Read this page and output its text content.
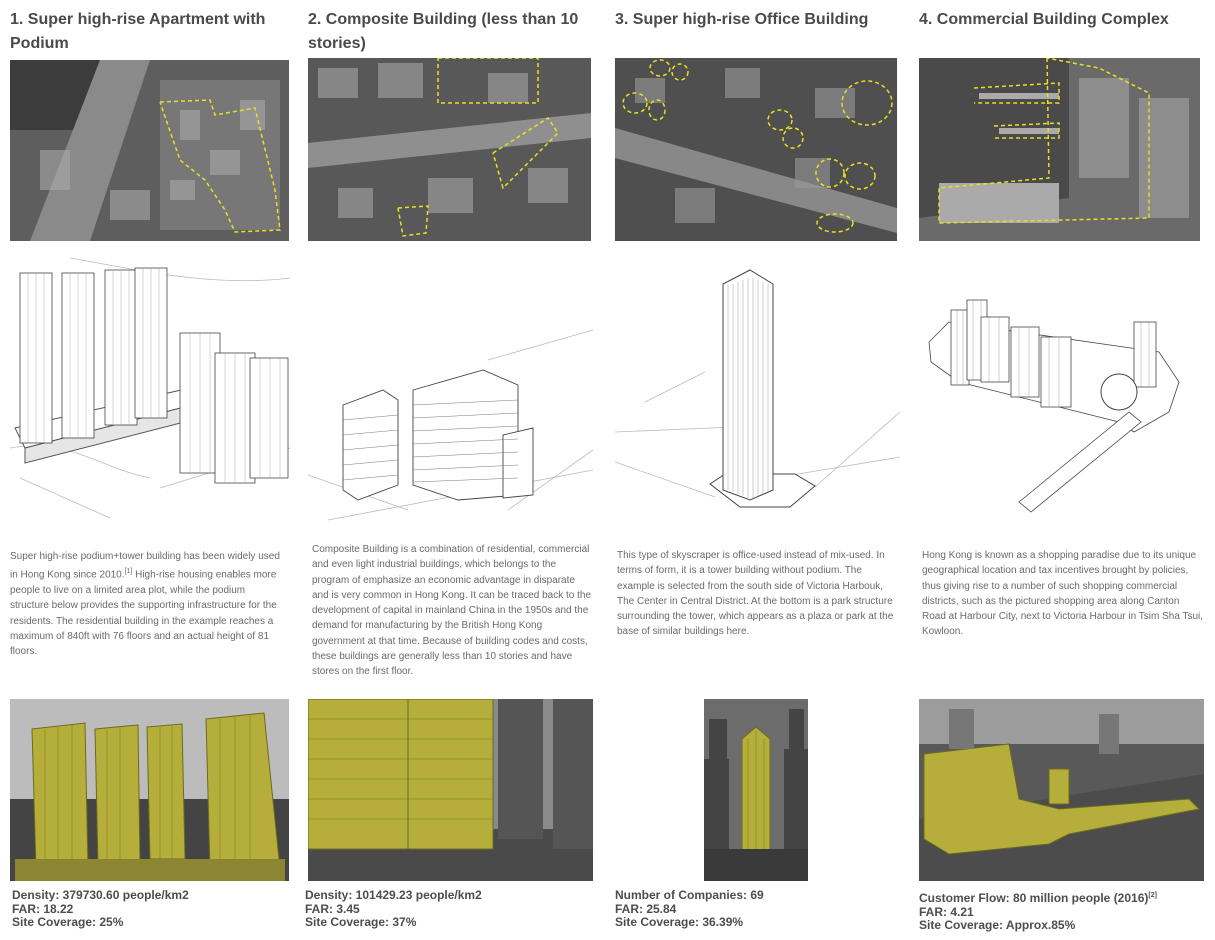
1. Super high-rise Apartment with Podium
Super high-rise podium+tower building has been widely used in Hong Kong since 2010.[1] High-rise housing enables more people to live on a limited area plot, while the podium structure below provides the supporting infrastructure for the residents. The residential building in the example reaches a maximum of 840ft with 76 floors and an actual height of 81 floors.
Density: 379730.60 people/km2
FAR: 18.22
Site Coverage: 25%
2. Composite Building (less than 10 stories)
Composite Building is a combination of residential, commercial and even light industrial buildings, which belongs to the program of emphasize an economic advantage in disparate and is very common in Hong Kong. It can be traced back to the development of capital in mainland China in the 1950s and the demand for manufacturing by the British Hong Kong government at that time. Because of building codes and costs, these buildings are generally less than 10 stories and have stores on the first floor.
Density: 101429.23 people/km2
FAR: 3.45
Site Coverage: 37%
3. Super high-rise Office Building
This type of skyscraper is office-used instead of mix-used. In terms of form, it is a tower building without podium. The example is selected from the south side of Victoria Harbouk, The Center in Central District. At the bottom is a park structure surrounding the tower, which appears as a plaza or park at the base of similar buildings here.
Number of Companies: 69
FAR: 25.84
Site Coverage: 36.39%
4. Commercial Building Complex
Hong Kong is known as a shopping paradise due to its unique geographical location and tax incentives brought by policies, thus giving rise to a number of such shopping commercial districts, such as the pictured shopping area along Canton Road at Harbour City, next to Victoria Harbour in Tsim Sha Tsui, Kowloon.
Customer Flow: 80 million people (2016)[2]
FAR: 4.21
Site Coverage: Approx.85%
